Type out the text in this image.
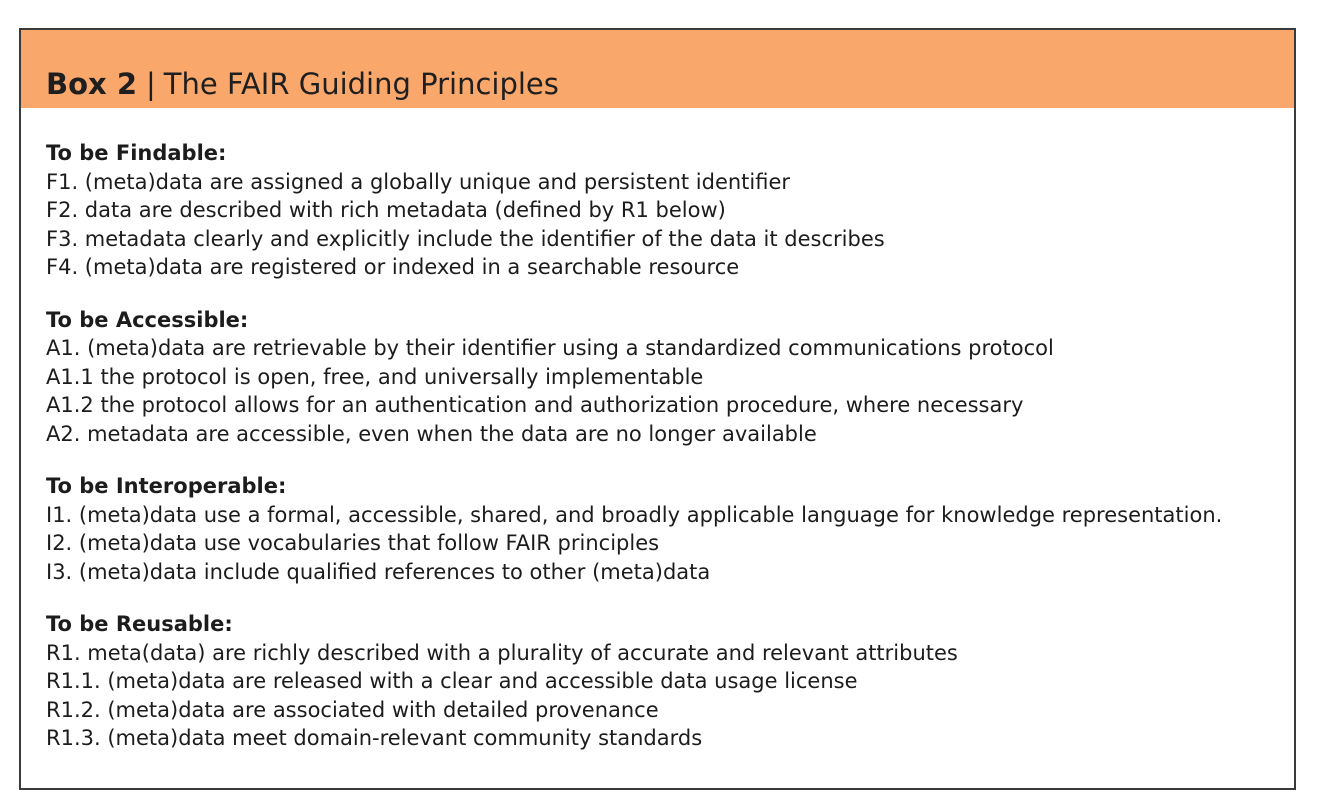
Box 2 | The FAIR Guiding Principles
To be Findable:
F1. (meta)data are assigned a globally unique and persistent identifier
F2. data are described with rich metadata (defined by R1 below)
F3. metadata clearly and explicitly include the identifier of the data it describes
F4. (meta)data are registered or indexed in a searchable resource
To be Accessible:
A1. (meta)data are retrievable by their identifier using a standardized communications protocol
A1.1 the protocol is open, free, and universally implementable
A1.2 the protocol allows for an authentication and authorization procedure, where necessary
A2. metadata are accessible, even when the data are no longer available
To be Interoperable:
I1. (meta)data use a formal, accessible, shared, and broadly applicable language for knowledge representation.
I2. (meta)data use vocabularies that follow FAIR principles
I3. (meta)data include qualified references to other (meta)data
To be Reusable:
R1. meta(data) are richly described with a plurality of accurate and relevant attributes
R1.1. (meta)data are released with a clear and accessible data usage license
R1.2. (meta)data are associated with detailed provenance
R1.3. (meta)data meet domain-relevant community standards
